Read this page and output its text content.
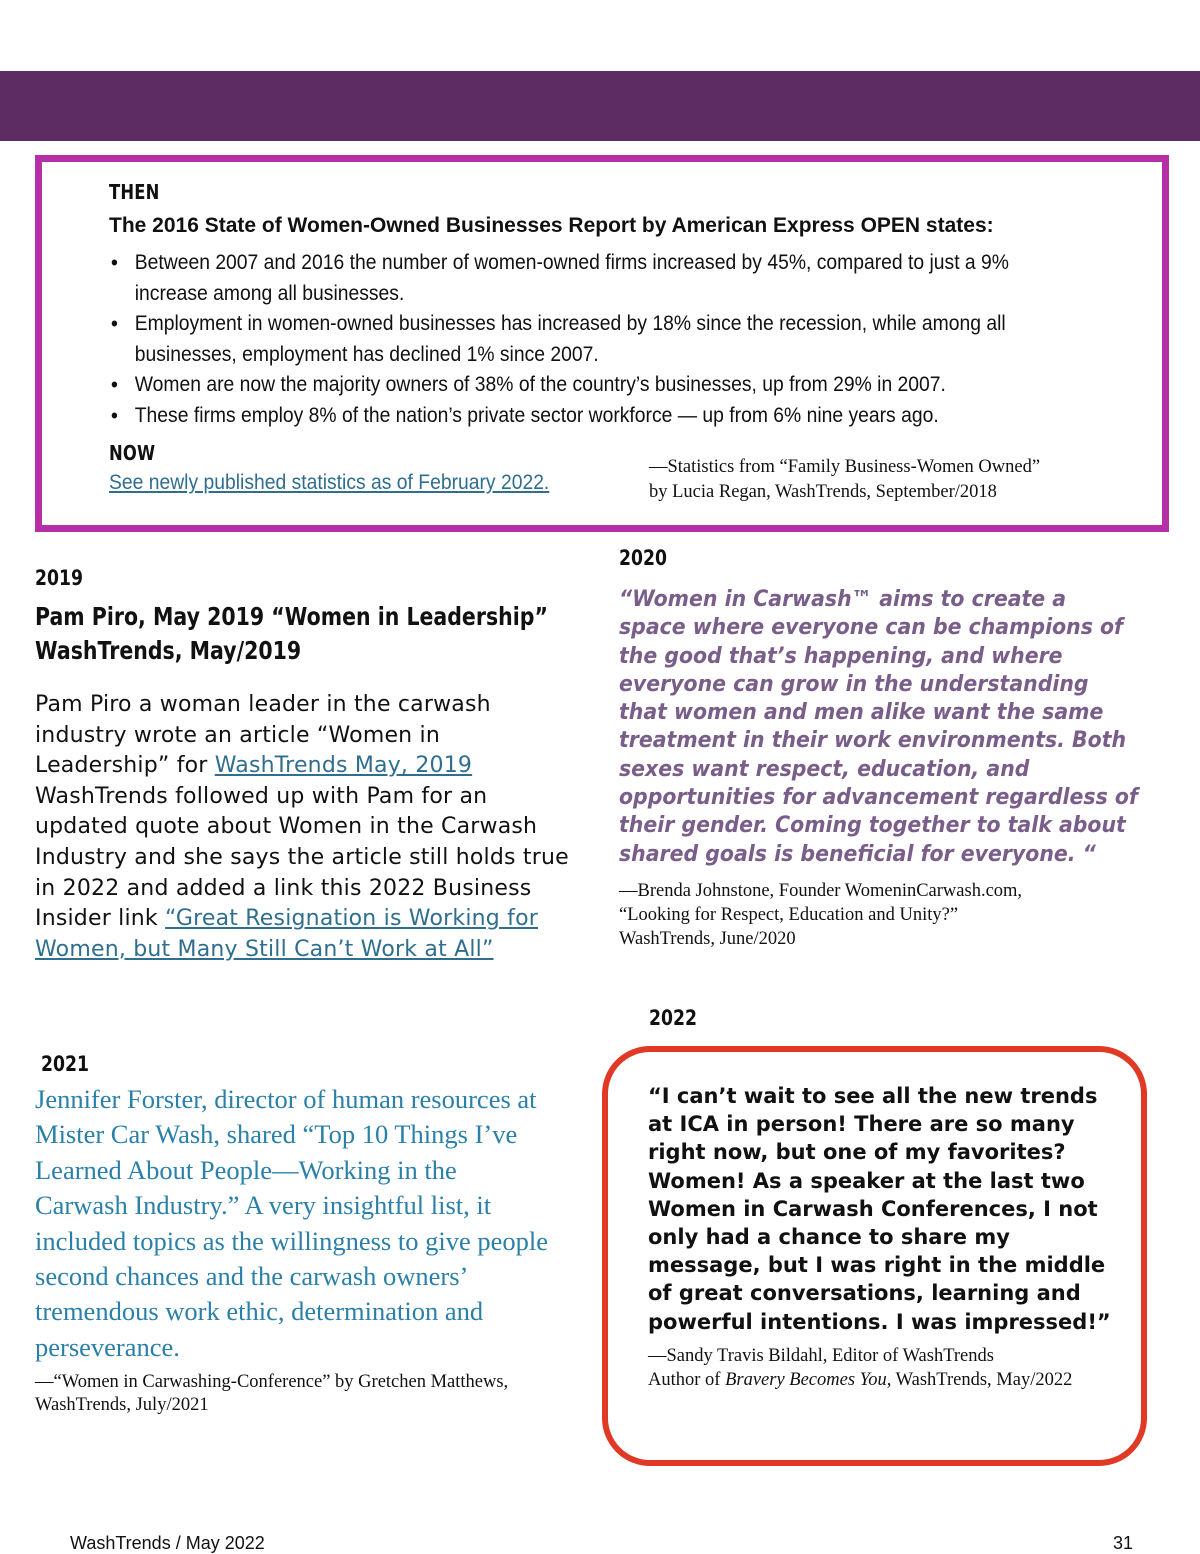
THEN
The 2016 State of Women-Owned Businesses Report by American Express OPEN states:
• Between 2007 and 2016 the number of women-owned firms increased by 45%, compared to just a 9% increase among all businesses.
• Employment in women-owned businesses has increased by 18% since the recession, while among all businesses, employment has declined 1% since 2007.
• Women are now the majority owners of 38% of the country’s businesses, up from 29% in 2007.
• These firms employ 8% of the nation’s private sector workforce — up from 6% nine years ago.
NOW
See newly published statistics as of February 2022.
—Statistics from “Family Business-Women Owned”
by Lucia Regan, WashTrends, September/2018
2019
Pam Piro, May 2019 “Women in Leadership”
WashTrends, May/2019
Pam Piro a woman leader in the carwash industry wrote an article “Women in Leadership” for WashTrends May, 2019 WashTrends followed up with Pam for an updated quote about Women in the Carwash Industry and she says the article still holds true in 2022 and added a link this 2022 Business Insider link “Great Resignation is Working for Women, but Many Still Can’t Work at All”
2021
Jennifer Forster, director of human resources at Mister Car Wash, shared “Top 10 Things I’ve Learned About People—Working in the Carwash Industry.” A very insightful list, it included topics as the willingness to give people second chances and the carwash owners’ tremendous work ethic, determination and perseverance.
—“Women in Carwashing-Conference” by Gretchen Matthews, WashTrends, July/2021
2020
“Women in Carwash™ aims to create a space where everyone can be champions of the good that’s happening, and where everyone can grow in the understanding that women and men alike want the same treatment in their work environments. Both sexes want respect, education, and opportunities for advancement regardless of their gender. Coming together to talk about shared goals is beneficial for everyone. “
—Brenda Johnstone, Founder WomeninCarwash.com,
“Looking for Respect, Education and Unity?”
WashTrends, June/2020
2022
“I can’t wait to see all the new trends at ICA in person! There are so many right now, but one of my favorites? Women! As a speaker at the last two Women in Carwash Conferences, I not only had a chance to share my message, but I was right in the middle of great conversations, learning and powerful intentions. I was impressed!”
—Sandy Travis Bildahl, Editor of WashTrends
Author of Bravery Becomes You, WashTrends, May/2022
WashTrends / May 2022	31
